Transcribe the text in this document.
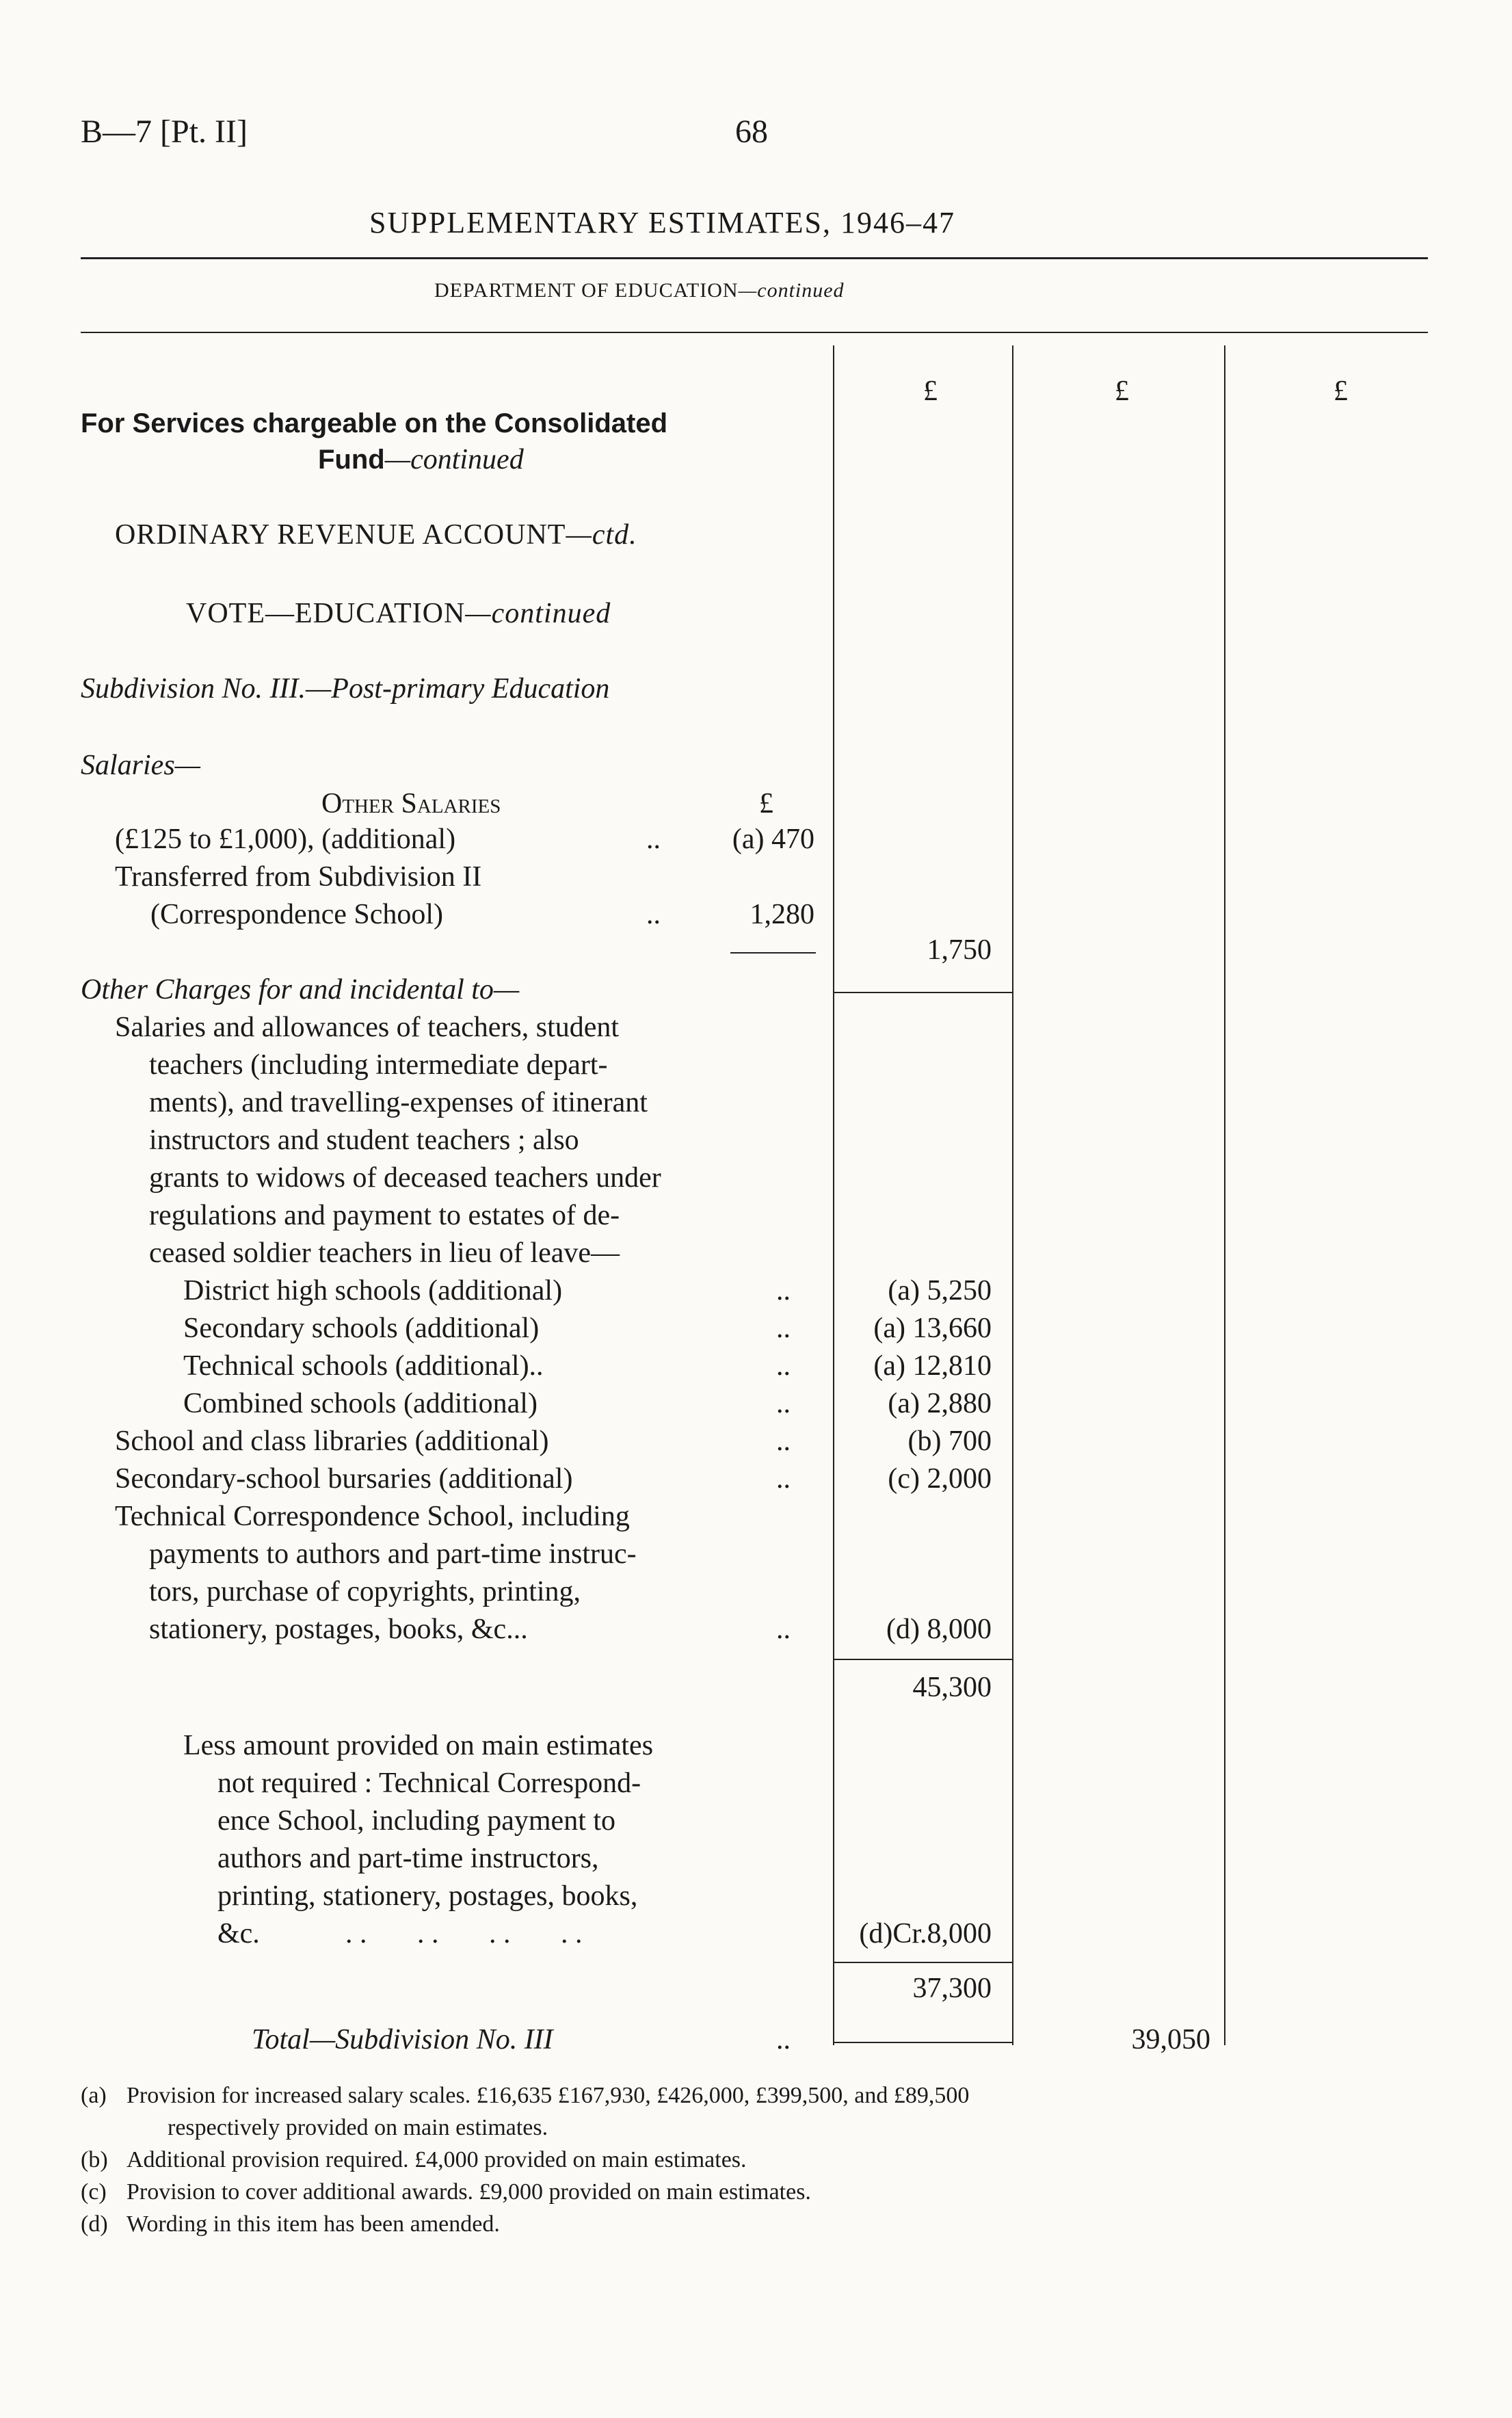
B—7 [Pt. II]	68
SUPPLEMENTARY ESTIMATES, 1946–47
DEPARTMENT OF EDUCATION—continued
£	£	£
For Services chargeable on the Consolidated
Fund—continued
ORDINARY REVENUE ACCOUNT—ctd.
VOTE—EDUCATION—continued
Subdivision No. III.—Post-primary Education
Salaries—
Other Salaries	£
(£125 to £1,000), (additional)	.. (a) 470
Transferred from Subdivision II
(Correspondence School)	..	1,280
1,750
Other Charges for and incidental to—
Salaries and allowances of teachers, student
teachers (including intermediate depart-
ments), and travelling-expenses of itinerant
instructors and student teachers ; also
grants to widows of deceased teachers under
regulations and payment to estates of de-
ceased soldier teachers in lieu of leave—
District high schools (additional)	..	(a) 5,250
Secondary schools (additional)	..	(a) 13,660
Technical schools (additional)..	..	(a) 12,810
Combined schools (additional)	..	(a) 2,880
School and class libraries (additional)	..	(b) 700
Secondary-school bursaries (additional)	..	(c) 2,000
Technical Correspondence School, including
payments to authors and part-time instruc-
tors, purchase of copyrights, printing,
stationery, postages, books, &c...	..	(d) 8,000
45,300
Less amount provided on main estimates
not required : Technical Correspond-
ence School, including payment to
authors and part-time instructors,
printing, stationery, postages, books,
&c.	. .       . .       . .       . .	(d)Cr.8,000
37,300
Total—Subdivision No. III	..	39,050
(a) Provision for increased salary scales. £16,635 £167,930, £426,000, £399,500, and £89,500
respectively provided on main estimates.
(b) Additional provision required. £4,000 provided on main estimates.
(c) Provision to cover additional awards. £9,000 provided on main estimates.
(d) Wording in this item has been amended.
